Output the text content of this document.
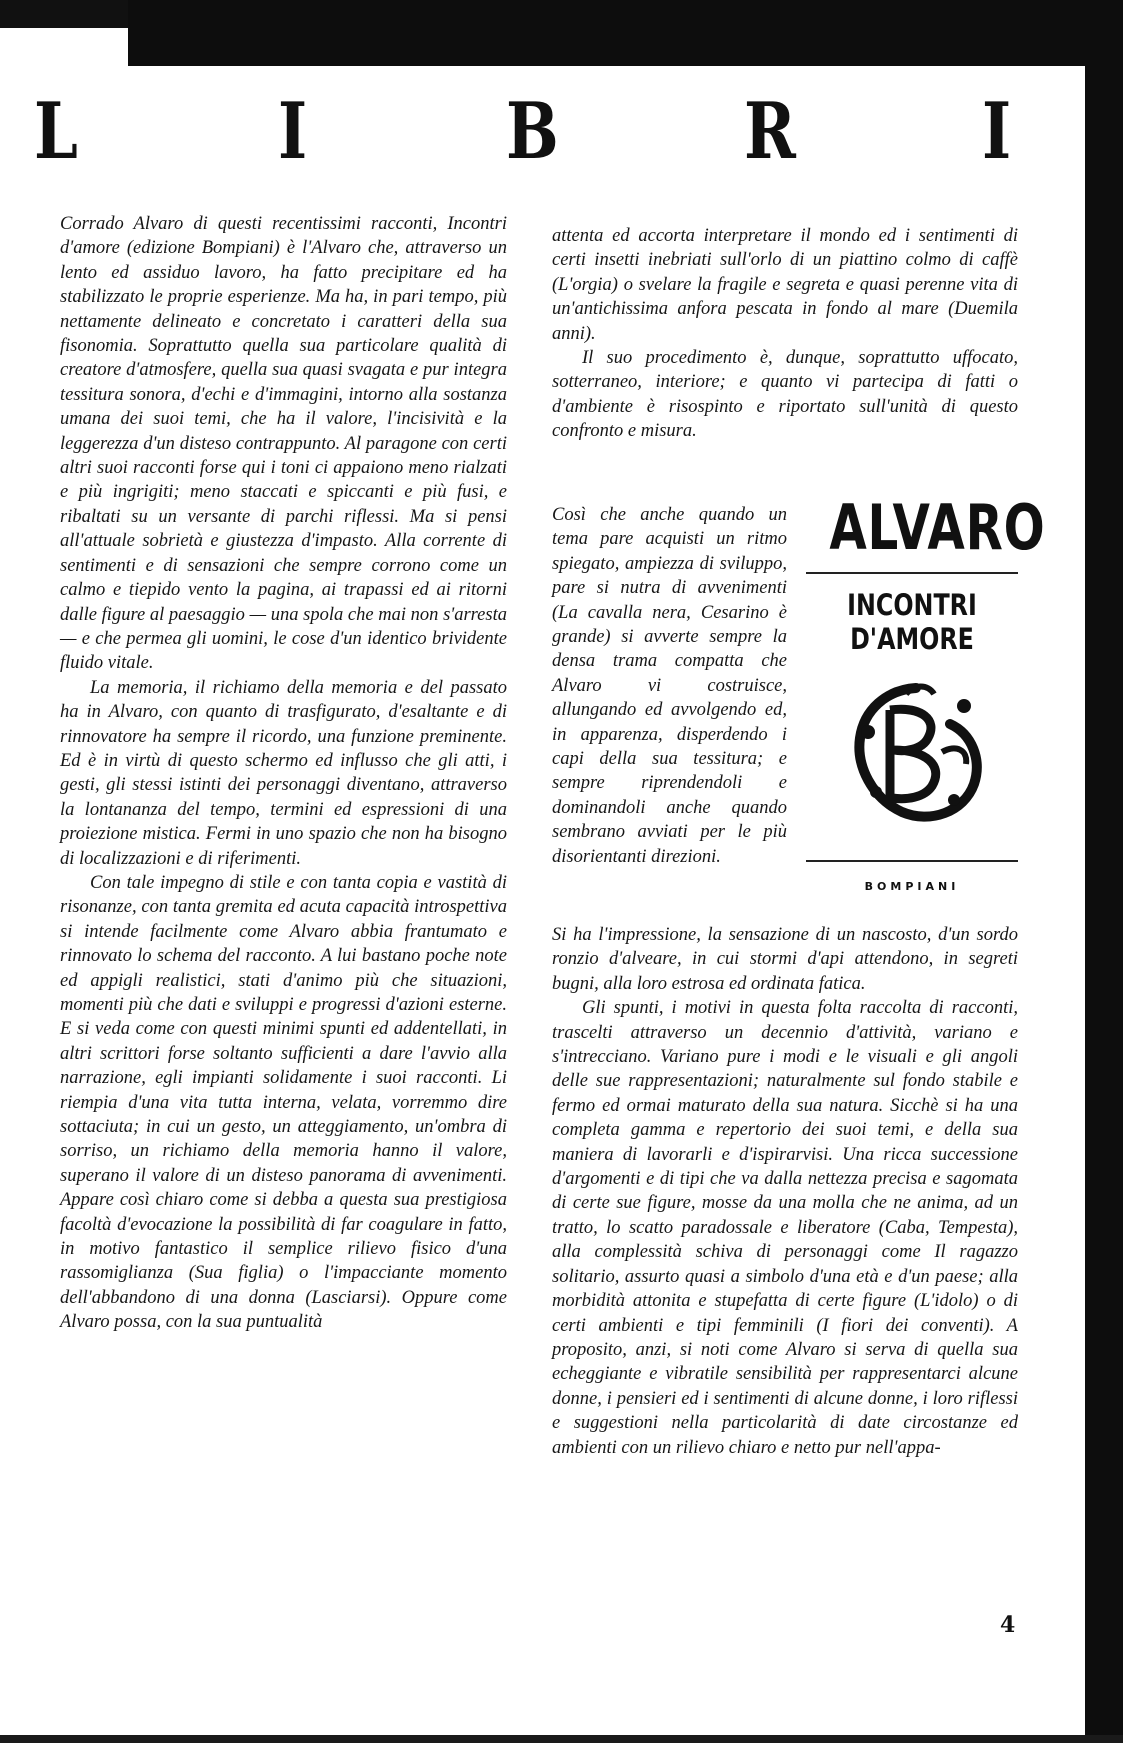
L	I	B R I

Corrado Alvaro di questi recentissimi racconti, Incontri d'amore (edizione Bompiani) è l'Alvaro che, attraverso un lento ed assiduo lavoro, ha fatto precipitare ed ha stabilizzato le proprie esperienze. Ma ha, in pari tempo, più nettamente delineato e concretato i caratteri della sua fisonomia. Soprattutto quella sua particolare qualità di creatore d'atmosfere, quella sua quasi svagata e pur integra tessitura sonora, d'echi e d'immagini, intorno alla sostanza umana dei suoi temi, che ha il valore, l'incisività e la leggerezza d'un disteso contrappunto. Al paragone con certi altri suoi racconti forse qui i toni ci appaiono meno rialzati e più ingrigiti; meno staccati e spiccanti e più fusi, e ribaltati su un versante di parchi riflessi. Ma si pensi all'attuale sobrietà e giustezza d'impasto. Alla corrente di sentimenti e di sensazioni che sempre corrono come un calmo e tiepido vento la pagina, ai trapassi ed ai ritorni dalle figure al paesaggio — una spola che mai non s'arresta — e che permea gli uomini, le cose d'un identico brividente fluido vitale.

La memoria, il richiamo della memoria e del passato ha in Alvaro, con quanto di trasfigurato, d'esaltante e di rinnovatore ha sempre il ricordo, una funzione preminente. Ed è in virtù di questo schermo ed influsso che gli atti, i gesti, gli stessi istinti dei personaggi diventano, attraverso la lontananza del tempo, termini ed espressioni di una proiezione mistica. Fermi in uno spazio che non ha bisogno di localizzazioni e di riferimenti.

Con tale impegno di stile e con tanta copia e vastità di risonanze, con tanta gremita ed acuta capacità introspettiva si intende facilmente come Alvaro abbia frantumato e rinnovato lo schema del racconto. A lui bastano poche note ed appigli realistici, stati d'animo più che situazioni, momenti più che dati e sviluppi e progressi d'azioni esterne. E si veda come con questi minimi spunti ed addentellati, in altri scrittori forse soltanto sufficienti a dare l'avvio alla narrazione, egli impianti solidamente i suoi racconti. Li riempia d'una vita tutta interna, velata, vorremmo dire sottaciuta; in cui un gesto, un atteggiamento, un'ombra di sorriso, un richiamo della memoria hanno il valore, superano il valore di un disteso panorama di avvenimenti. Appare così chiaro come si debba a questa sua prestigiosa facoltà d'evocazione la possibilità di far coagulare in fatto, in motivo fantastico il semplice rilievo fisico d'una rassomiglianza (Sua figlia) o l'impacciante momento dell'abbandono di una donna (Lasciarsi). Oppure come Alvaro possa, con la sua puntualità

attenta ed accorta interpretare il mondo ed i sentimenti di certi insetti inebriati sull'orlo di un piattino colmo di caffè (L'orgia) o svelare la fragile e segreta e quasi perenne vita di un'antichissima anfora pescata in fondo al mare (Duemila anni).

Il suo procedimento è, dunque, soprattutto uffocato, sotterraneo, interiore; e quanto vi partecipa di fatti o d'ambiente è risospinto e riportato sull'unità di questo confronto e misura.

Così che anche quando un tema pare acquisti un ritmo spiegato, ampiezza di sviluppo, pare si nutra di avvenimenti (La cavalla nera, Cesarino è grande) si avverte sempre la densa trama compatta che Alvaro vi costruisce, allungando ed avvolgendo ed, in apparenza, disperdendo i capi della sua tessitura; e sempre riprendendoli e dominandoli anche quando sembrano avviati per le più disorientanti direzioni.

ALVARO
INCONTRI
D'AMORE
BOMPIANI

Si ha l'impressione, la sensazione di un nascosto, d'un sordo ronzio d'alveare, in cui stormi d'api attendono, in segreti bugni, alla loro estrosa ed ordinata fatica.

Gli spunti, i motivi in questa folta raccolta di racconti, trascelti attraverso un decennio d'attività, variano e s'intrecciano. Variano pure i modi e le visuali e gli angoli delle sue rappresentazioni; naturalmente sul fondo stabile e fermo ed ormai maturato della sua natura. Sicchè si ha una completa gamma e repertorio dei suoi temi, e della sua maniera di lavorarli e d'ispirarvisi. Una ricca successione d'argomenti e di tipi che va dalla nettezza precisa e sagomata di certe sue figure, mosse da una molla che ne anima, ad un tratto, lo scatto paradossale e liberatore (Caba, Tempesta), alla complessità schiva di personaggi come Il ragazzo solitario, assurto quasi a simbolo d'una età e d'un paese; alla morbidità attonita e stupefatta di certe figure (L'idolo) o di certi ambienti e tipi femminili (I fiori dei conventi). A proposito, anzi, si noti come Alvaro si serva di quella sua echeggiante e vibratile sensibilità per rappresentarci alcune donne, i pensieri ed i sentimenti di alcune donne, i loro riflessi e suggestioni nella particolarità di date circostanze ed ambienti con un rilievo chiaro e netto pur nell'appa-

4
